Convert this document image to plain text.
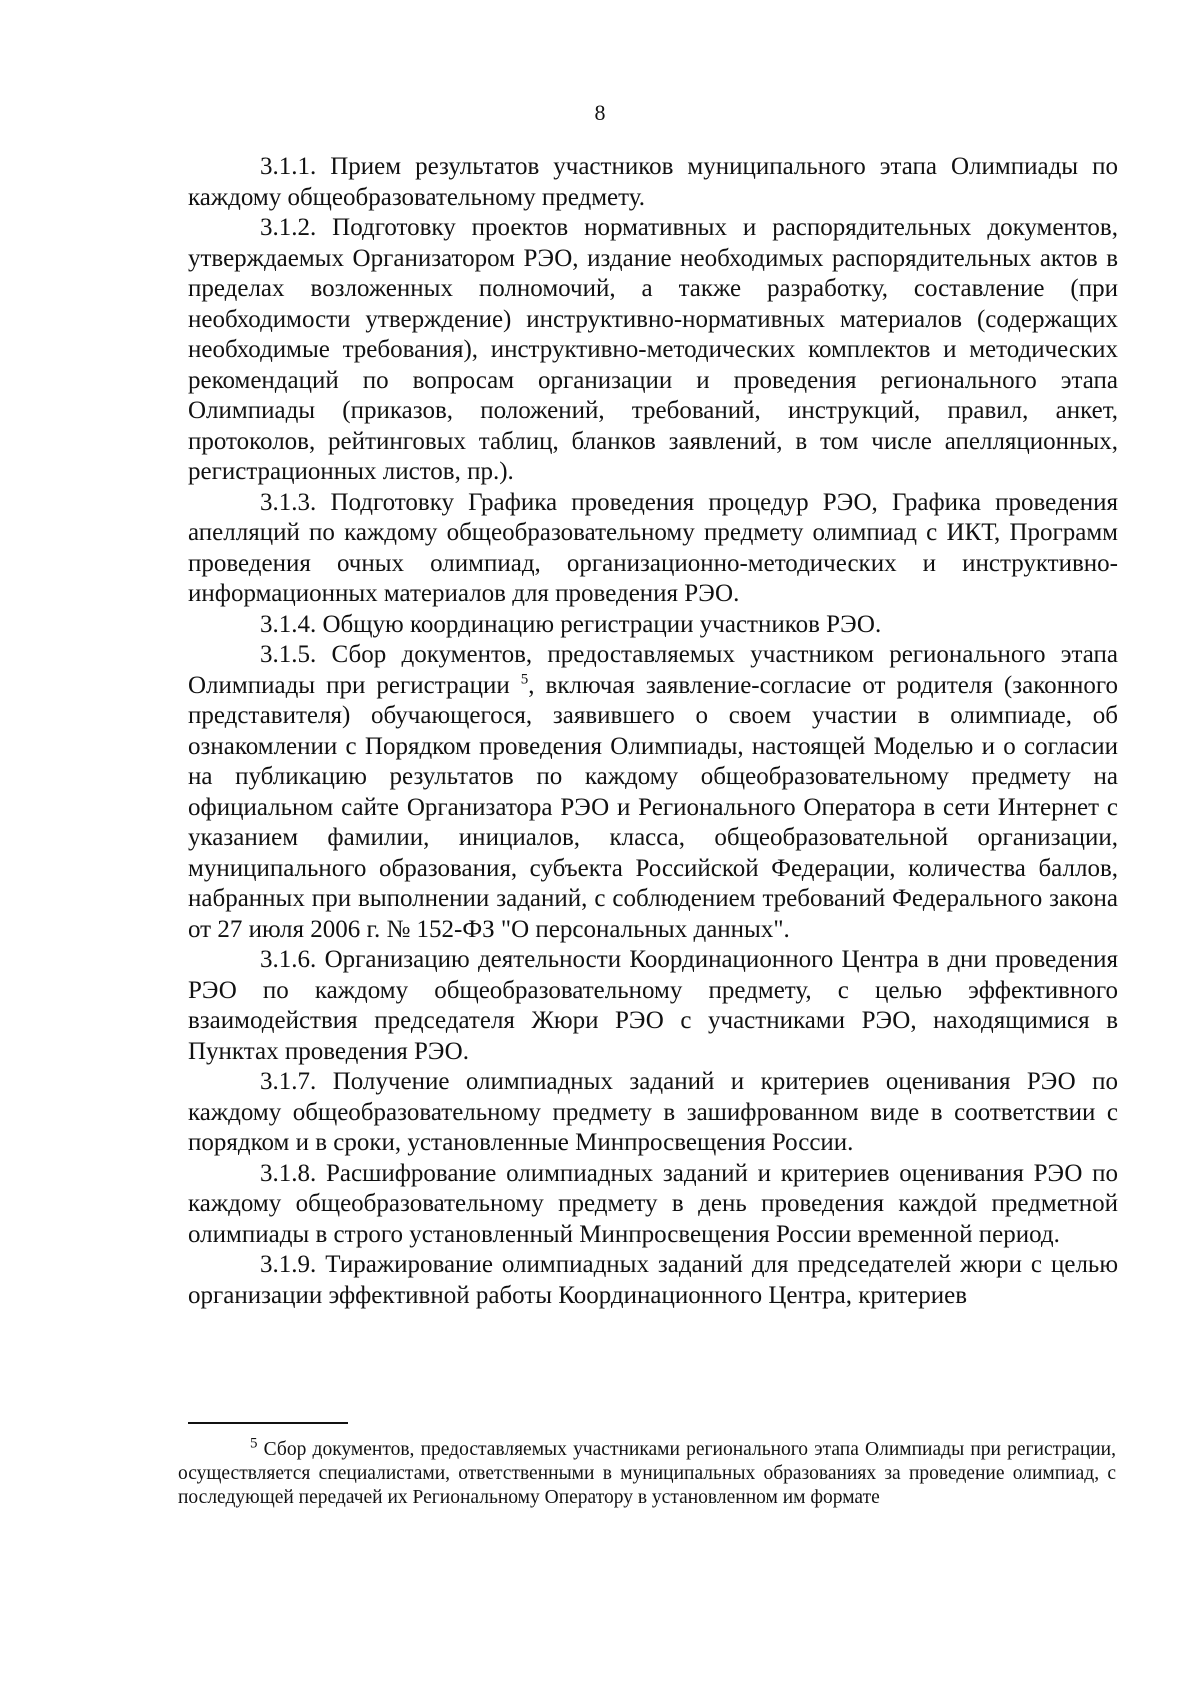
8

3.1.1. Прием результатов участников муниципального этапа Олимпиады по каждому общеобразовательному предмету.

3.1.2. Подготовку проектов нормативных и распорядительных документов, утверждаемых Организатором РЭО, издание необходимых распорядительных актов в пределах возложенных полномочий, а также разработку, составление (при необходимости утверждение) инструктивно-нормативных материалов (содержащих необходимые требования), инструктивно-методических комплектов и методических рекомендаций по вопросам организации и проведения регионального этапа Олимпиады (приказов, положений, требований, инструкций, правил, анкет, протоколов, рейтинговых таблиц, бланков заявлений, в том числе апелляционных, регистрационных листов, пр.).

3.1.3. Подготовку Графика проведения процедур РЭО, Графика проведения апелляций по каждому общеобразовательному предмету олимпиад с ИКТ, Программ проведения очных олимпиад, организационно-методических и инструктивно-информационных материалов для проведения РЭО.

3.1.4. Общую координацию регистрации участников РЭО.

3.1.5. Сбор документов, предоставляемых участником регионального этапа Олимпиады при регистрации $^5$, включая заявление-согласие от родителя (законного представителя) обучающегося, заявившего о своем участии в олимпиаде, об ознакомлении с Порядком проведения Олимпиады, настоящей Моделью и о согласии на публикацию результатов по каждому общеобразовательному предмету на официальном сайте Организатора РЭО и Регионального Оператора в сети Интернет с указанием фамилии, инициалов, класса, общеобразовательной организации, муниципального образования, субъекта Российской Федерации, количества баллов, набранных при выполнении заданий, с соблюдением требований Федерального закона от 27 июля 2006 г. № 152-ФЗ "О персональных данных".

3.1.6. Организацию деятельности Координационного Центра в дни проведения РЭО по каждому общеобразовательному предмету, с целью эффективного взаимодействия председателя Жюри РЭО с участниками РЭО, находящимися в Пунктах проведения РЭО.

3.1.7. Получение олимпиадных заданий и критериев оценивания РЭО по каждому общеобразовательному предмету в зашифрованном виде в соответствии с порядком и в сроки, установленные Минпросвещения России.

3.1.8. Расшифрование олимпиадных заданий и критериев оценивания РЭО по каждому общеобразовательному предмету в день проведения каждой предметной олимпиады в строго установленный Минпросвещения России временной период.

3.1.9. Тиражирование олимпиадных заданий для председателей жюри с целью организации эффективной работы Координационного Центра, критериев

$^5$ Сбор документов, предоставляемых участниками регионального этапа Олимпиады при регистрации, осуществляется специалистами, ответственными в муниципальных образованиях за проведение олимпиад, с последующей передачей их Региональному Оператору в установленном им формате
